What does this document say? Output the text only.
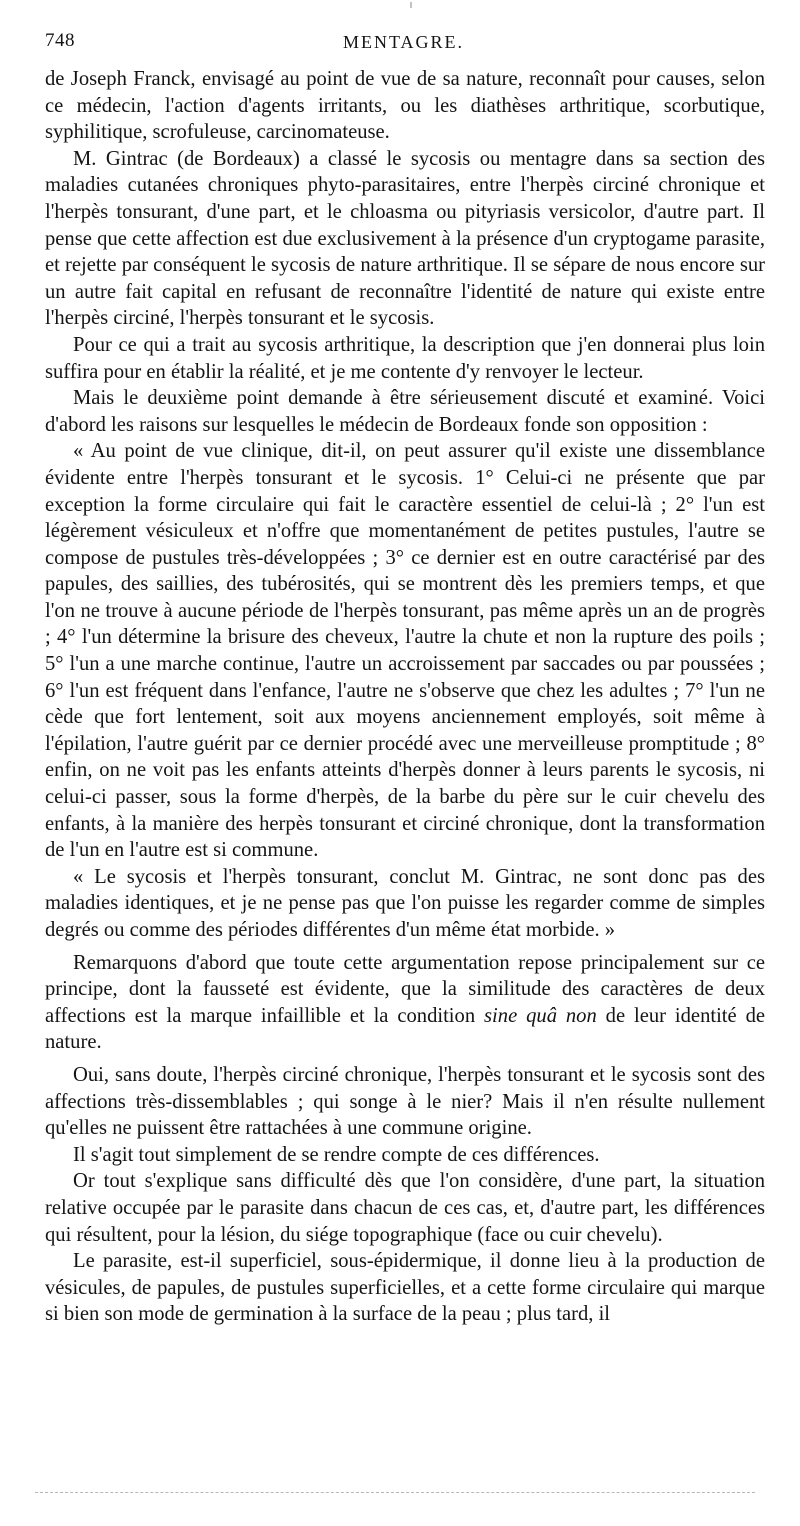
748	MENTAGRE.

de Joseph Franck, envisagé au point de vue de sa nature, reconnaît pour causes, selon ce médecin, l'action d'agents irritants, ou les diathèses arthritique, scorbutique, syphilitique, scrofuleuse, carcinomateuse.

M. Gintrac (de Bordeaux) a classé le sycosis ou mentagre dans sa section des maladies cutanées chroniques phyto-parasitaires, entre l'herpès circiné chronique et l'herpès tonsurant, d'une part, et le chloasma ou pityriasis versicolor, d'autre part. Il pense que cette affection est due exclusivement à la présence d'un cryptogame parasite, et rejette par conséquent le sycosis de nature arthritique. Il se sépare de nous encore sur un autre fait capital en refusant de reconnaître l'identité de nature qui existe entre l'herpès circiné, l'herpès tonsurant et le sycosis.

Pour ce qui a trait au sycosis arthritique, la description que j'en donnerai plus loin suffira pour en établir la réalité, et je me contente d'y renvoyer le lecteur.

Mais le deuxième point demande à être sérieusement discuté et examiné. Voici d'abord les raisons sur lesquelles le médecin de Bordeaux fonde son opposition :

« Au point de vue clinique, dit-il, on peut assurer qu'il existe une dissemblance évidente entre l'herpès tonsurant et le sycosis. 1° Celui-ci ne présente que par exception la forme circulaire qui fait le caractère essentiel de celui-là ; 2° l'un est légèrement vésiculeux et n'offre que momentanément de petites pustules, l'autre se compose de pustules très-développées ; 3° ce dernier est en outre caractérisé par des papules, des saillies, des tubérosités, qui se montrent dès les premiers temps, et que l'on ne trouve à aucune période de l'herpès tonsurant, pas même après un an de progrès ; 4° l'un détermine la brisure des cheveux, l'autre la chute et non la rupture des poils ; 5° l'un a une marche continue, l'autre un accroissement par saccades ou par poussées ; 6° l'un est fréquent dans l'enfance, l'autre ne s'observe que chez les adultes ; 7° l'un ne cède que fort lentement, soit aux moyens anciennement employés, soit même à l'épilation, l'autre guérit par ce dernier procédé avec une merveilleuse promptitude ; 8° enfin, on ne voit pas les enfants atteints d'herpès donner à leurs parents le sycosis, ni celui-ci passer, sous la forme d'herpès, de la barbe du père sur le cuir chevelu des enfants, à la manière des herpès tonsurant et circiné chronique, dont la transformation de l'un en l'autre est si commune.

« Le sycosis et l'herpès tonsurant, conclut M. Gintrac, ne sont donc pas des maladies identiques, et je ne pense pas que l'on puisse les regarder comme de simples degrés ou comme des périodes différentes d'un même état morbide. »

Remarquons d'abord que toute cette argumentation repose principalement sur ce principe, dont la fausseté est évidente, que la similitude des caractères de deux affections est la marque infaillible et la condition sine quâ non de leur identité de nature.

Oui, sans doute, l'herpès circiné chronique, l'herpès tonsurant et le sycosis sont des affections très-dissemblables ; qui songe à le nier? Mais il n'en résulte nullement qu'elles ne puissent être rattachées à une commune origine.

Il s'agit tout simplement de se rendre compte de ces différences.

Or tout s'explique sans difficulté dès que l'on considère, d'une part, la situation relative occupée par le parasite dans chacun de ces cas, et, d'autre part, les différences qui résultent, pour la lésion, du siége topographique (face ou cuir chevelu).

Le parasite, est-il superficiel, sous-épidermique, il donne lieu à la production de vésicules, de papules, de pustules superficielles, et a cette forme circulaire qui marque si bien son mode de germination à la surface de la peau ; plus tard, il
